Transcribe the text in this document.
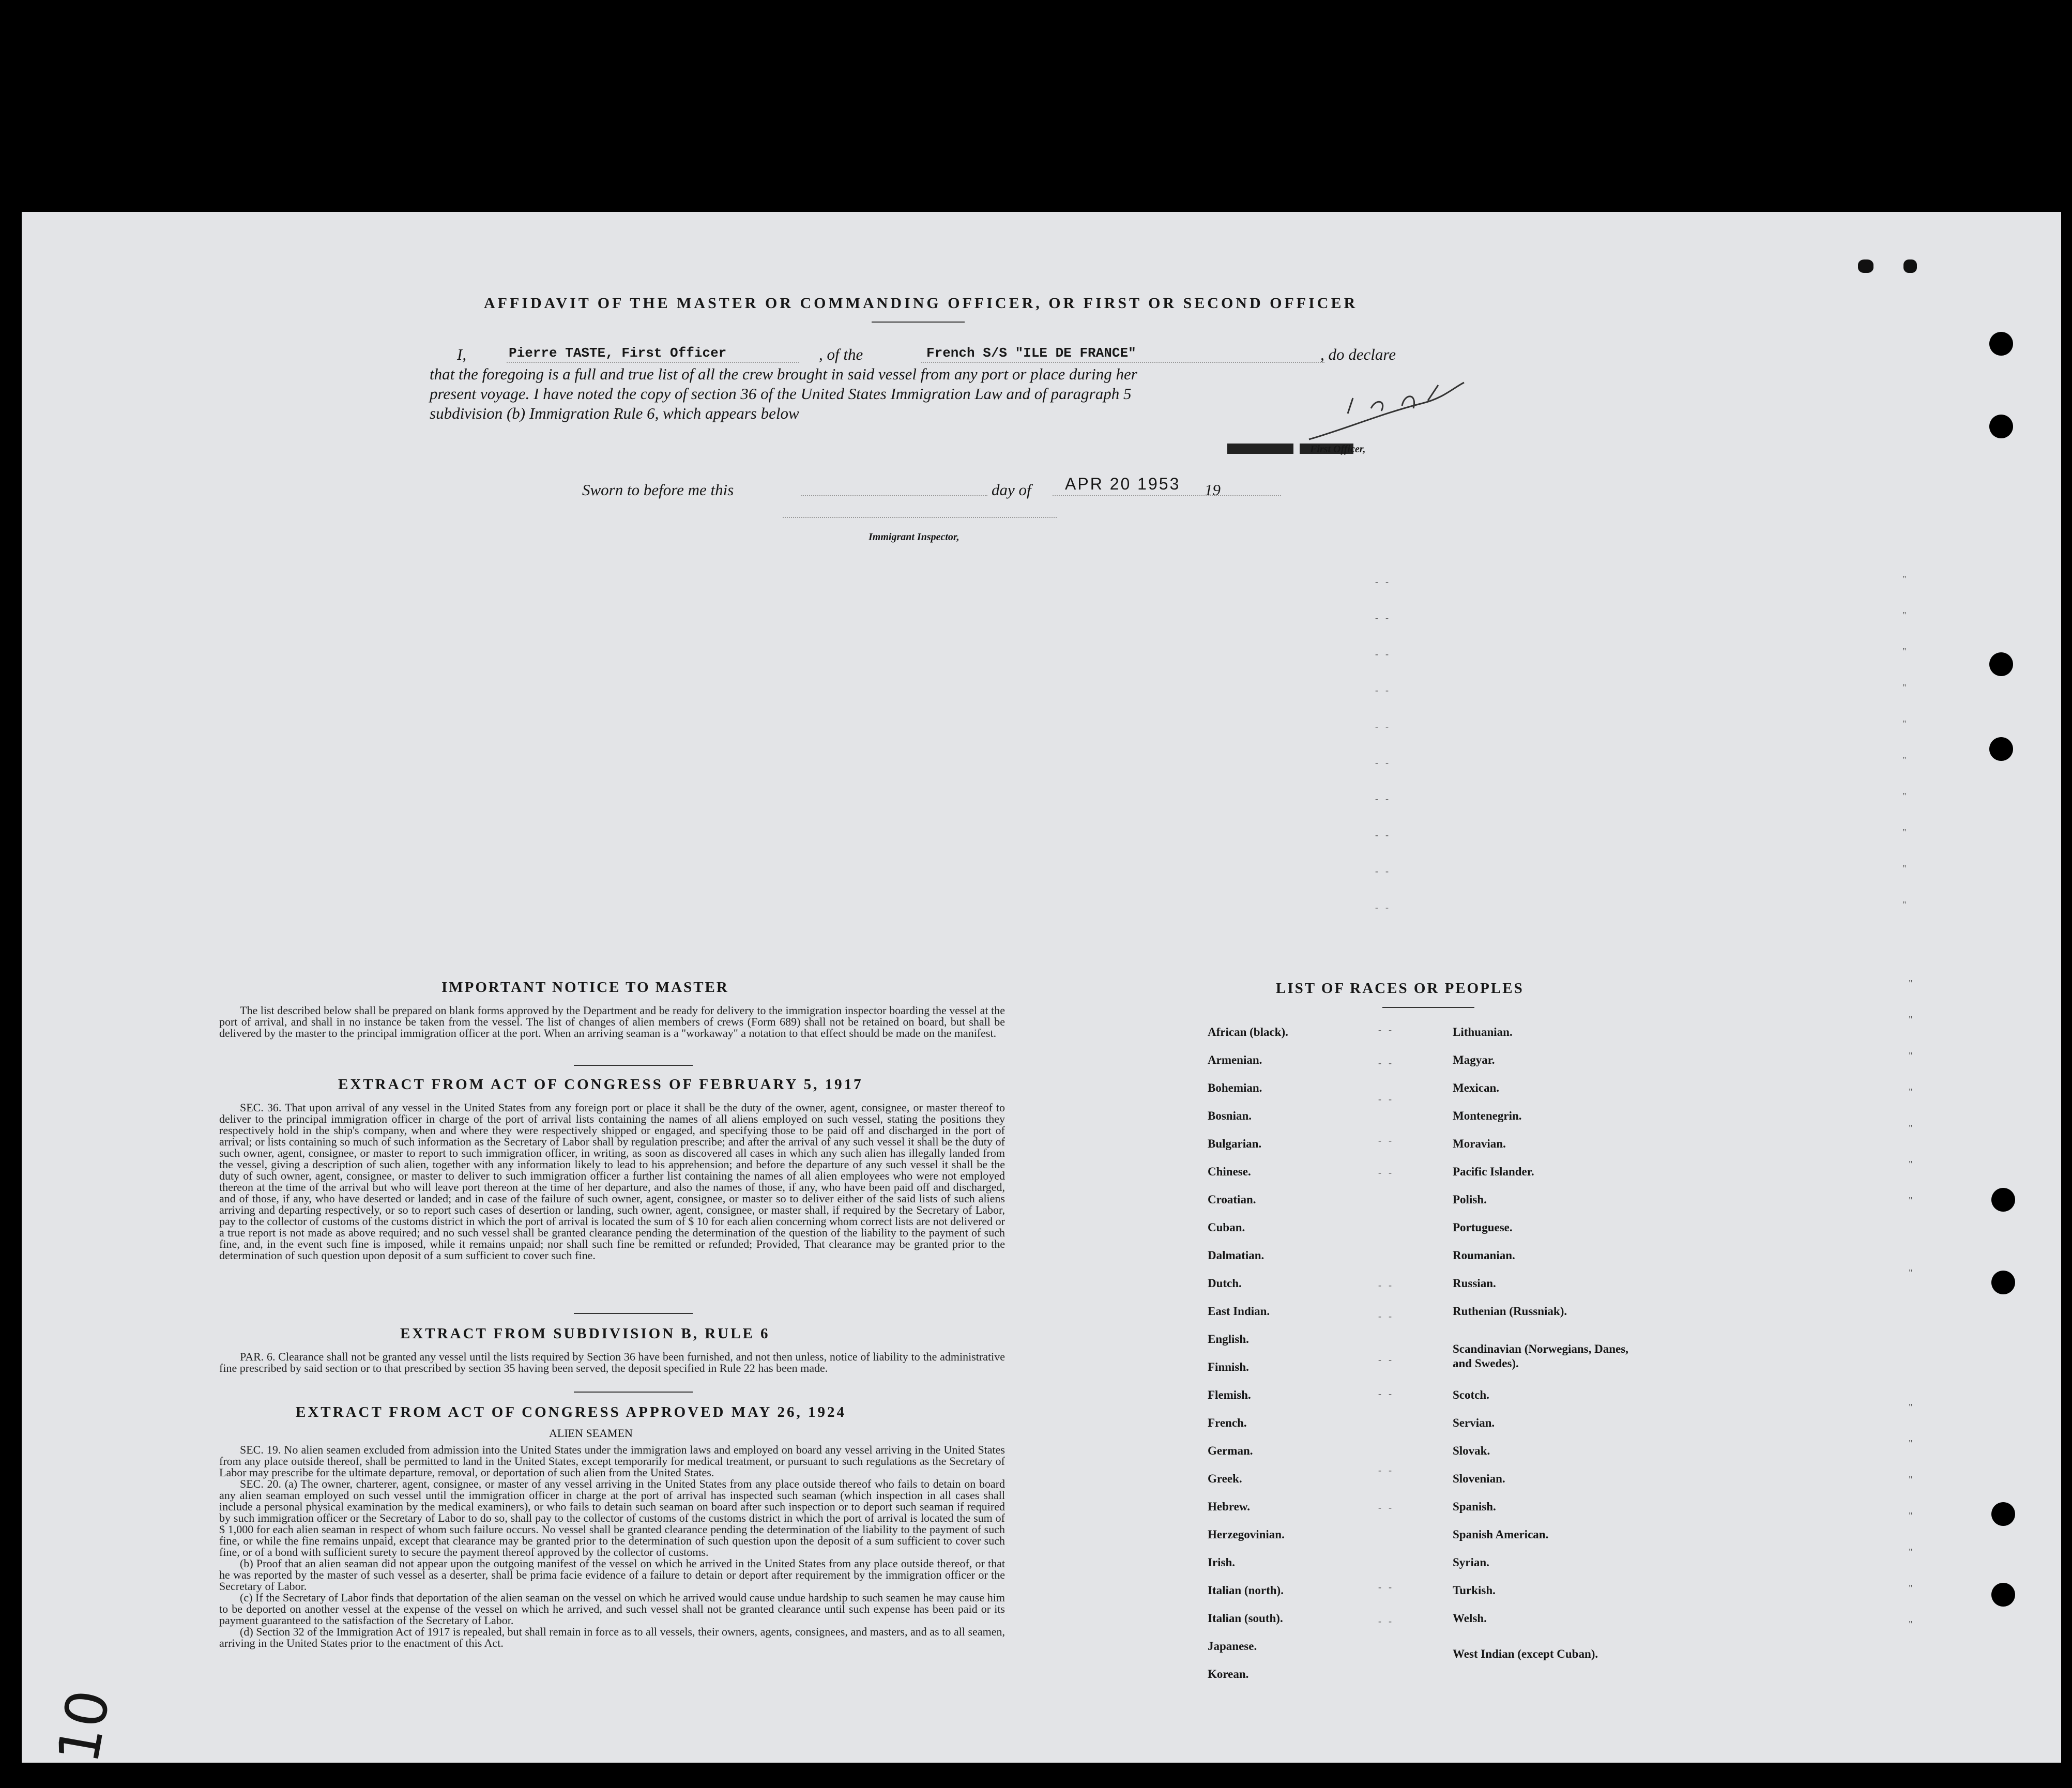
AFFIDAVIT OF THE MASTER OR COMMANDING OFFICER, OR FIRST OR SECOND OFFICER
I,	Pierre TASTE, First Officer	, of the	French S/S "ILE DE FRANCE"	, do declare
that the foregoing is a full and true list of all the crew brought in said vessel from any port or place during her
present voyage. I have noted the copy of section 36 of the United States Immigration Law and of paragraph 5
subdivision (b) Immigration Rule 6, which appears below
First Officer,
Sworn to before me this	day of APR 20 1953 19
Immigrant Inspector,
--
--
--
--
--
--
--
--
--
--
"
"
"
"
"
"
"
"
"
"
IMPORTANT NOTICE TO MASTER
The list described below shall be prepared on blank forms approved by the Department and be ready for delivery to the immigration inspector boarding the vessel at the port of arrival, and shall in no instance be taken from the vessel. The list of changes of alien members of crews (Form 689) shall not be retained on board, but shall be delivered by the master to the principal immigration officer at the port. When an arriving seaman is a "workaway" a notation to that effect should be made on the manifest.
EXTRACT FROM ACT OF CONGRESS OF FEBRUARY 5, 1917
SEC. 36. That upon arrival of any vessel in the United States from any foreign port or place it shall be the duty of the owner, agent, consignee, or master thereof to deliver to the principal immigration officer in charge of the port of arrival lists containing the names of all aliens employed on such vessel, stating the positions they respectively hold in the ship's company, when and where they were respectively shipped or engaged, and specifying those to be paid off and discharged in the port of arrival; or lists containing so much of such information as the Secretary of Labor shall by regulation prescribe; and after the arrival of any such vessel it shall be the duty of such owner, agent, consignee, or master to report to such immigration officer, in writing, as soon as discovered all cases in which any such alien has illegally landed from the vessel, giving a description of such alien, together with any information likely to lead to his apprehension; and before the departure of any such vessel it shall be the duty of such owner, agent, consignee, or master to deliver to such immigration officer a further list containing the names of all alien employees who were not employed thereon at the time of the arrival but who will leave port thereon at the time of her departure, and also the names of those, if any, who have been paid off and discharged, and of those, if any, who have deserted or landed; and in case of the failure of such owner, agent, consignee, or master so to deliver either of the said lists of such aliens arriving and departing respectively, or so to report such cases of desertion or landing, such owner, agent, consignee, or master shall, if required by the Secretary of Labor, pay to the collector of customs of the customs district in which the port of arrival is located the sum of $ 10 for each alien concerning whom correct lists are not delivered or a true report is not made as above required; and no such vessel shall be granted clearance pending the determination of the question of the liability to the payment of such fine, and, in the event such fine is imposed, while it remains unpaid; nor shall such fine be remitted or refunded; Provided, That clearance may be granted prior to the determination of such question upon deposit of a sum sufficient to cover such fine.
EXTRACT FROM SUBDIVISION B, RULE 6
PAR. 6. Clearance shall not be granted any vessel until the lists required by Section 36 have been furnished, and not then unless, notice of liability to the administrative fine prescribed by said section or to that prescribed by section 35 having been served, the deposit specified in Rule 22 has been made.
EXTRACT FROM ACT OF CONGRESS APPROVED MAY 26, 1924
ALIEN SEAMEN
SEC. 19. No alien seamen excluded from admission into the United States under the immigration laws and employed on board any vessel arriving in the United States from any place outside thereof, shall be permitted to land in the United States, except temporarily for medical treatment, or pursuant to such regulations as the Secretary of Labor may prescribe for the ultimate departure, removal, or deportation of such alien from the United States.
SEC. 20. (a) The owner, charterer, agent, consignee, or master of any vessel arriving in the United States from any place outside thereof who fails to detain on board any alien seaman employed on such vessel until the immigration officer in charge at the port of arrival has inspected such seaman (which inspection in all cases shall include a personal physical examination by the medical examiners), or who fails to detain such seaman on board after such inspection or to deport such seaman if required by such immigration officer or the Secretary of Labor to do so, shall pay to the collector of customs of the customs district in which the port of arrival is located the sum of $ 1,000 for each alien seaman in respect of whom such failure occurs. No vessel shall be granted clearance pending the determination of the liability to the payment of such fine, or while the fine remains unpaid, except that clearance may be granted prior to the determination of such question upon the deposit of a sum sufficient to cover such fine, or of a bond with sufficient surety to secure the payment thereof approved by the collector of customs.
(b) Proof that an alien seaman did not appear upon the outgoing manifest of the vessel on which he arrived in the United States from any place outside thereof, or that he was reported by the master of such vessel as a deserter, shall be prima facie evidence of a failure to detain or deport after requirement by the immigration officer or the Secretary of Labor.
(c) If the Secretary of Labor finds that deportation of the alien seaman on the vessel on which he arrived would cause undue hardship to such seamen he may cause him to be deported on another vessel at the expense of the vessel on which he arrived, and such vessel shall not be granted clearance until such expense has been paid or its payment guaranteed to the satisfaction of the Secretary of Labor.
(d) Section 32 of the Immigration Act of 1917 is repealed, but shall remain in force as to all vessels, their owners, agents, consignees, and masters, and as to all seamen, arriving in the United States prior to the enactment of this Act.
LIST OF RACES OR PEOPLES
African (black).
Armenian.
Bohemian.
Bosnian.
Bulgarian.
Chinese.
Croatian.
Cuban.
Dalmatian.
Dutch.
East Indian.
English.
Finnish.
Flemish.
French.
German.
Greek.
Hebrew.
Herzegovinian.
Irish.
Italian (north).
Italian (south).
Japanese.
Korean.
Lithuanian.
Magyar.
Mexican.
Montenegrin.
Moravian.
Pacific Islander.
Polish.
Portuguese.
Roumanian.
Russian.
Ruthenian (Russniak).
Scandinavian (Norwegians, Danes, and Swedes).
Scotch.
Servian.
Slovak.
Slovenian.
Spanish.
Spanish American.
Syrian.
Turkish.
Welsh.
West Indian (except Cuban).
--
--
--
--
--
--
--
--
--
--
--
--
--
"
"
"
"
"
"
"
"
"
"
"
"
"
"
"
10
